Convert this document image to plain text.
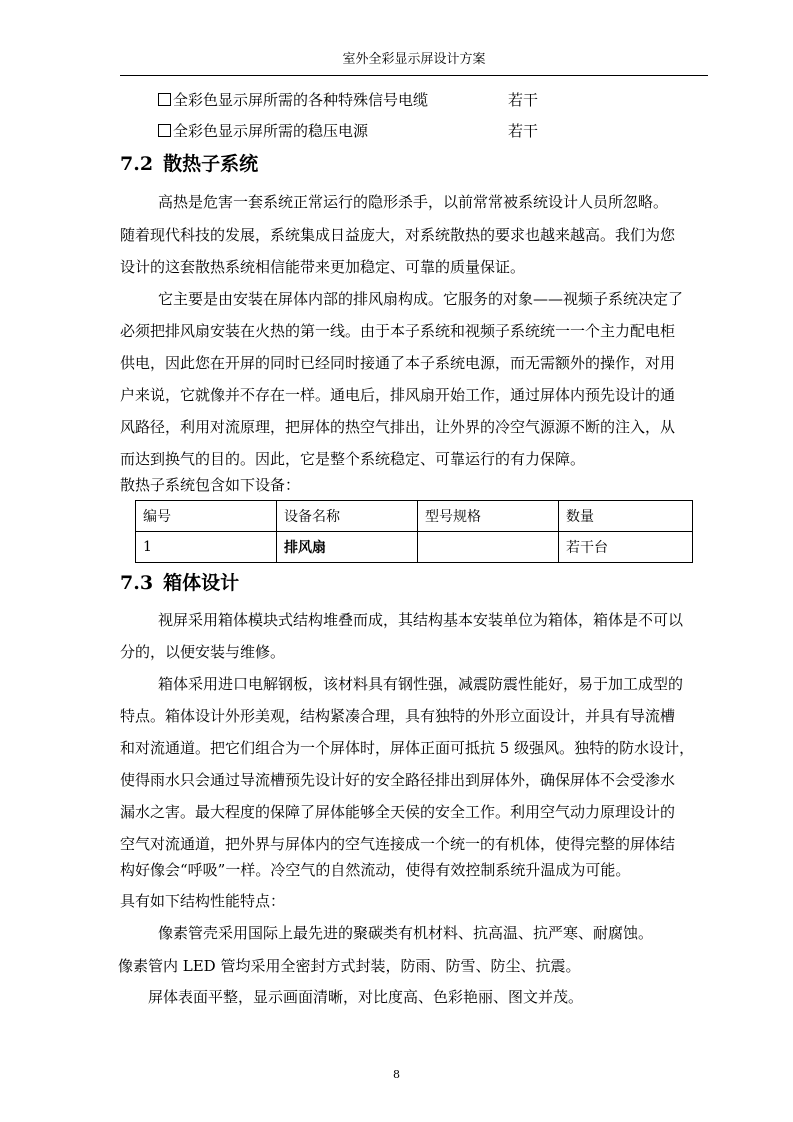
室外全彩显示屏设计方案
全彩色显示屏所需的各种特殊信号电缆	若干
全彩色显示屏所需的稳压电源	若干
7.2 散热子系统
高热是危害一套系统正常运行的隐形杀手，以前常常被系统设计人员所忽略。
随着现代科技的发展，系统集成日益庞大，对系统散热的要求也越来越高。我们为您
设计的这套散热系统相信能带来更加稳定、可靠的质量保证。
它主要是由安装在屏体内部的排风扇构成。它服务的对象——视频子系统决定了
必须把排风扇安装在火热的第一线。由于本子系统和视频子系统统一一个主力配电柜
供电，因此您在开屏的同时已经同时接通了本子系统电源，而无需额外的操作，对用
户来说，它就像并不存在一样。通电后，排风扇开始工作，通过屏体内预先设计的通
风路径，利用对流原理，把屏体的热空气排出，让外界的冷空气源源不断的注入，从
而达到换气的目的。因此，它是整个系统稳定、可靠运行的有力保障。
散热子系统包含如下设备：
编号	设备名称	型号规格	数量
1	排风扇		若干台
7.3 箱体设计
视屏采用箱体模块式结构堆叠而成，其结构基本安装单位为箱体，箱体是不可以
分的，以便安装与维修。
箱体采用进口电解钢板，该材料具有钢性强，减震防震性能好，易于加工成型的
特点。箱体设计外形美观，结构紧凑合理，具有独特的外形立面设计，并具有导流槽
和对流通道。把它们组合为一个屏体时，屏体正面可抵抗 5 级强风。独特的防水设计，
使得雨水只会通过导流槽预先设计好的安全路径排出到屏体外，确保屏体不会受渗水
漏水之害。最大程度的保障了屏体能够全天侯的安全工作。利用空气动力原理设计的
空气对流通道，把外界与屏体内的空气连接成一个统一的有机体，使得完整的屏体结
构好像会“呼吸”一样。冷空气的自然流动，使得有效控制系统升温成为可能。
具有如下结构性能特点：
像素管壳采用国际上最先进的聚碳类有机材料、抗高温、抗严寒、耐腐蚀。
像素管内 LED 管均采用全密封方式封装，防雨、防雪、防尘、抗震。
屏体表面平整，显示画面清晰，对比度高、色彩艳丽、图文并茂。
8
